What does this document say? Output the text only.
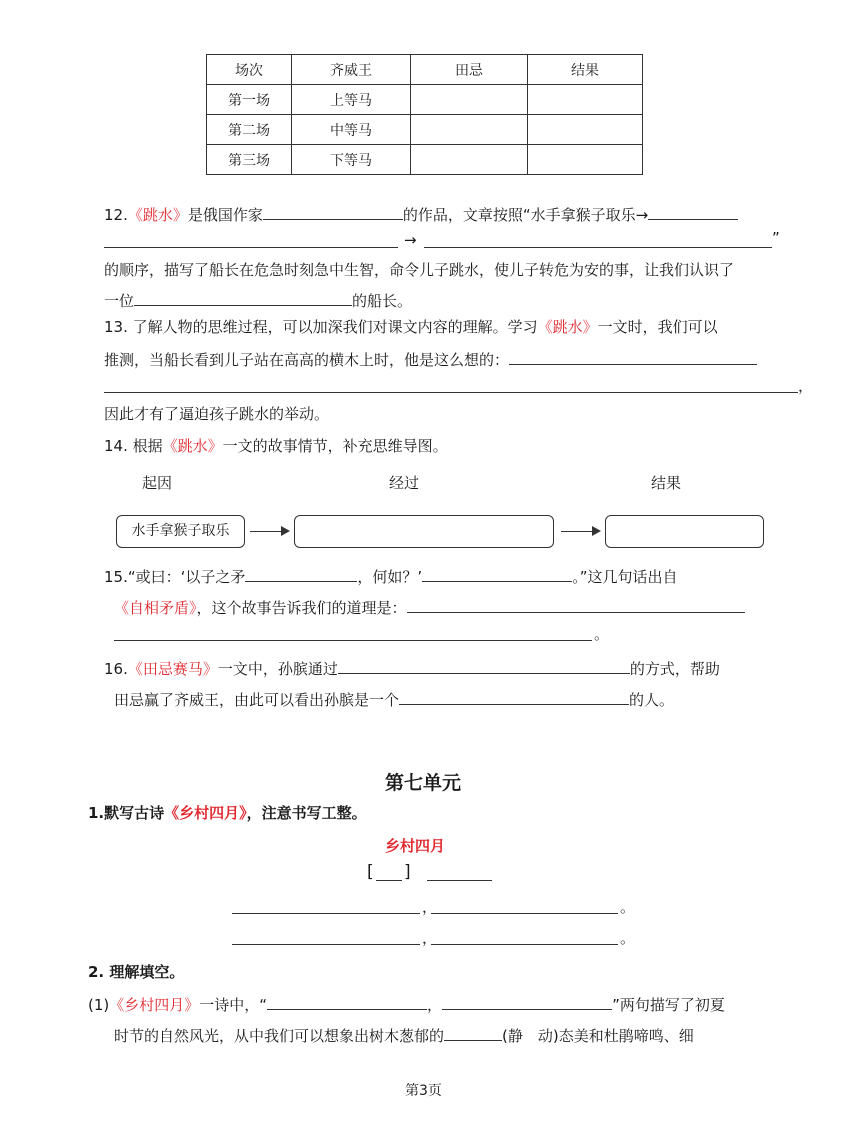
场次	齐威王	田忌	结果
第一场	上等马		
第二场	中等马		
第三场	下等马		
12.《跳水》是俄国作家	的作品，文章按照“水手拿猴子取乐→
→	”
的顺序，描写了船长在危急时刻急中生智，命令儿子跳水，使儿子转危为安的事，让我们认识了
一位	的船长。
13. 了解人物的思维过程，可以加深我们对课文内容的理解。学习《跳水》一文时，我们可以
推测，当船长看到儿子站在高高的横木上时，他是这么想的：
，
因此才有了逼迫孩子跳水的举动。
14. 根据《跳水》一文的故事情节，补充思维导图。
起因	经过	结果
水手拿猴子取乐
15.“或曰：‘以子之矛	，何如？’	。”这几句话出自
《自相矛盾》，这个故事告诉我们的道理是：
。
16.《田忌赛马》一文中，孙膑通过	的方式，帮助
田忌赢了齐威王，由此可以看出孙膑是一个	的人。
第七单元
1.默写古诗《乡村四月》，注意书写工整。
乡村四月
[ ]
，	。
，	。
2. 理解填空。
(1)《乡村四月》一诗中，“	，	”两句描写了初夏
时节的自然风光，从中我们可以想象出树木葱郁的	(静　动)态美和杜鹃啼鸣、细
第3页
